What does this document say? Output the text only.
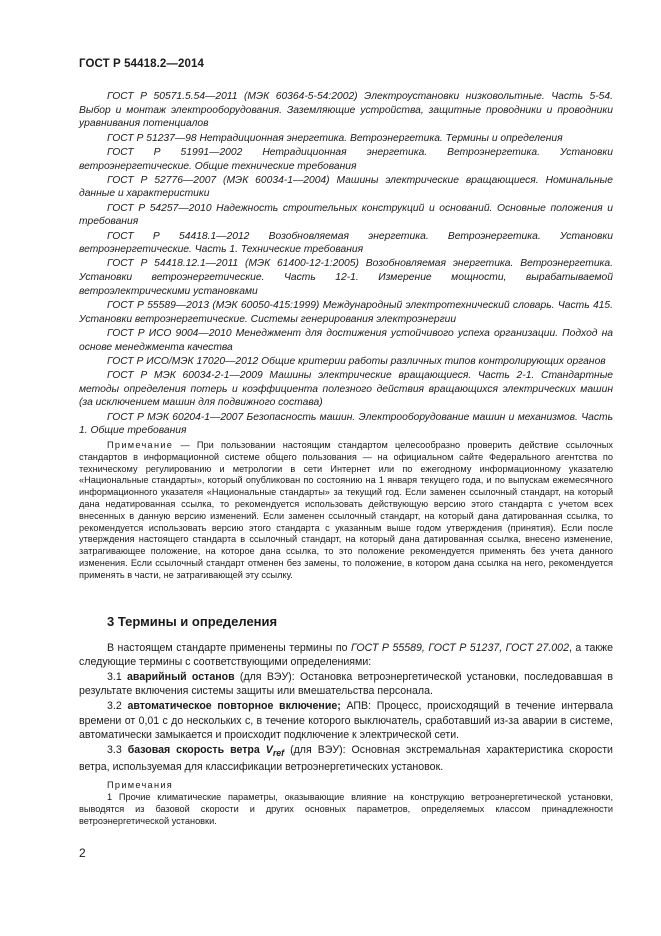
ГОСТ Р 54418.2—2014

ГОСТ Р 50571.5.54—2011 (МЭК 60364-5-54:2002) Электроустановки низковольтные. Часть 5-54. Выбор и монтаж электрооборудования. Заземляющие устройства, защитные проводники и проводники уравнивания потенциалов

ГОСТ Р 51237—98 Нетрадиционная энергетика. Ветроэнергетика. Термины и определения

ГОСТ Р 51991—2002 Нетрадиционная энергетика. Ветроэнергетика. Установки ветроэнергетические. Общие технические требования

ГОСТ Р 52776—2007 (МЭК 60034-1—2004) Машины электрические вращающиеся. Номинальные данные и характеристики

ГОСТ Р 54257—2010 Надежность строительных конструкций и оснований. Основные положения и требования

ГОСТ Р 54418.1—2012 Возобновляемая энергетика. Ветроэнергетика. Установки ветроэнергетические. Часть 1. Технические требования

ГОСТ Р 54418.12.1—2011 (МЭК 61400-12-1:2005) Возобновляемая энергетика. Ветроэнергетика. Установки ветроэнергетические. Часть 12-1. Измерение мощности, вырабатываемой ветроэлектрическими установками

ГОСТ Р 55589—2013 (МЭК 60050-415:1999) Международный электротехнический словарь. Часть 415. Установки ветроэнергетические. Системы генерирования электроэнергии

ГОСТ Р ИСО 9004—2010 Менеджмент для достижения устойчивого успеха организации. Подход на основе менеджмента качества

ГОСТ Р ИСО/МЭК 17020—2012 Общие критерии работы различных типов контролирующих органов

ГОСТ Р МЭК 60034-2-1—2009 Машины электрические вращающиеся. Часть 2-1. Стандартные методы определения потерь и коэффициента полезного действия вращающихся электрических машин (за исключением машин для подвижного состава)

ГОСТ Р МЭК 60204-1—2007 Безопасность машин. Электрооборудование машин и механизмов. Часть 1. Общие требования

Примечание — При пользовании настоящим стандартом целесообразно проверить действие ссылочных стандартов в информационной системе общего пользования — на официальном сайте Федерального агентства по техническому регулированию и метрологии в сети Интернет или по ежегодному информационному указателю «Национальные стандарты», который опубликован по состоянию на 1 января текущего года, и по выпускам ежемесячного информационного указателя «Национальные стандарты» за текущий год. Если заменен ссылочный стандарт, на который дана недатированная ссылка, то рекомендуется использовать действующую версию этого стандарта с учетом всех внесенных в данную версию изменений. Если заменен ссылочный стандарт, на который дана датированная ссылка, то рекомендуется использовать версию этого стандарта с указанным выше годом утверждения (принятия). Если после утверждения настоящего стандарта в ссылочный стандарт, на который дана датированная ссылка, внесено изменение, затрагивающее положение, на которое дана ссылка, то это положение рекомендуется применять без учета данного изменения. Если ссылочный стандарт отменен без замены, то положение, в котором дана ссылка на него, рекомендуется применять в части, не затрагивающей эту ссылку.

3 Термины и определения

В настоящем стандарте применены термины по ГОСТ Р 55589, ГОСТ Р 51237, ГОСТ 27.002, а также следующие термины с соответствующими определениями:

3.1 аварийный останов (для ВЭУ): Остановка ветроэнергетической установки, последовавшая в результате включения системы защиты или вмешательства персонала.

3.2 автоматическое повторное включение; АПВ: Процесс, происходящий в течение интервала времени от 0,01 с до нескольких с, в течение которого выключатель, сработавший из-за аварии в системе, автоматически замыкается и происходит подключение к электрической сети.

3.3 базовая скорость ветра $V_{ref}$ (для ВЭУ): Основная экстремальная характеристика скорости ветра, используемая для классификации ветроэнергетических установок.

Примечания

1 Прочие климатические параметры, оказывающие влияние на конструкцию ветроэнергетической установки, выводятся из базовой скорости и других основных параметров, определяемых классом принадлежности ветроэнергетической установки.

2
